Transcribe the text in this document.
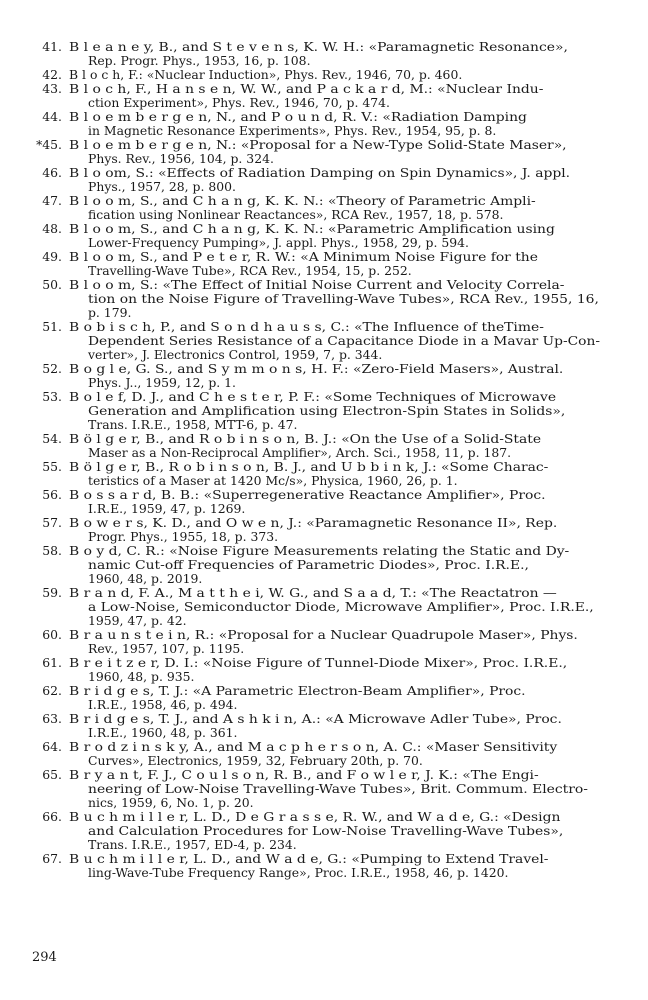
41. B l e a n e y, B., and S t e v e n s, K. W. H.: «Paramagnetic Resonance»,
Rep. Progr. Phys., 1953, 16, p. 108.
42. B l o c h, F.: «Nuclear Induction», Phys. Rev., 1946, 70, p. 460.
43. B l o c h, F., H a n s e n, W. W., and P a c k a r d, M.: «Nuclear Indu-
ction Experiment», Phys. Rev., 1946, 70, p. 474.
44. B l o e m b e r g e n, N., and P o u n d, R. V.: «Radiation Damping
in Magnetic Resonance Experiments», Phys. Rev., 1954, 95, p. 8.
*45. B l o e m b e r g e n, N.: «Proposal for a New-Type Solid-State Maser»,
Phys. Rev., 1956, 104, p. 324.
46. B l o om, S.: «Effects of Radiation Damping on Spin Dynamics», J. appl.
Phys., 1957, 28, p. 800.
47. B l o o m, S., and C h a n g, K. K. N.: «Theory of Parametric Ampli-
fication using Nonlinear Reactances», RCA Rev., 1957, 18, p. 578.
48. B l o o m, S., and C h a n g, K. K. N.: «Parametric Amplification using
Lower-Frequency Pumping», J. appl. Phys., 1958, 29, p. 594.
49. B l o o m, S., and P e t e r, R. W.: «A Minimum Noise Figure for the
Travelling-Wave Tube», RCA Rev., 1954, 15, p. 252.
50. B l o o m, S.: «The Effect of Initial Noise Current and Velocity Correla-
tion on the Noise Figure of Travelling-Wave Tubes», RCA Rev., 1955, 16,
p. 179.
51. B o b i s c h, P., and S o n d h a u s s, C.: «The Influence of theTime-
Dependent Series Resistance of a Capacitance Diode in a Mavar Up-Con-
verter», J. Electronics Control, 1959, 7, p. 344.
52. B o g l e, G. S., and S y m m o n s, H. F.: «Zero-Field Masers», Austral.
Phys. J.., 1959, 12, p. 1.
53. B o l e f, D. J., and C h e s t e r, P. F.: «Some Techniques of Microwave
Generation and Amplification using Electron-Spin States in Solids»,
Trans. I.R.E., 1958, MTT-6, p. 47.
54. B ö l g e r, B., and R o b i n s o n, B. J.: «On the Use of a Solid-State
Maser as a Non-Reciprocal Amplifier», Arch. Sci., 1958, 11, p. 187.
55. B ö l g e r, B., R o b i n s o n, B. J., and U b b i n k, J.: «Some Charac-
teristics of a Maser at 1420 Mc/s», Physica, 1960, 26, p. 1.
56. B o s s a r d, B. B.: «Superregenerative Reactance Amplifier», Proc.
I.R.E., 1959, 47, p. 1269.
57. B o w e r s, K. D., and O w e n, J.: «Paramagnetic Resonance II», Rep.
Progr. Phys., 1955, 18, p. 373.
58. B o y d, C. R.: «Noise Figure Measurements relating the Static and Dy-
namic Cut-off Frequencies of Parametric Diodes», Proc. I.R.E.,
1960, 48, p. 2019.
59. B r a n d, F. A., M a t t h e i, W. G., and S a a d, T.: «The Reactatron —
a Low-Noise, Semiconductor Diode, Microwave Amplifier», Proc. I.R.E.,
1959, 47, p. 42.
60. B r a u n s t e i n, R.: «Proposal for a Nuclear Quadrupole Maser», Phys.
Rev., 1957, 107, p. 1195.
61. B r e i t z e r, D. I.: «Noise Figure of Tunnel-Diode Mixer», Proc. I.R.E.,
1960, 48, p. 935.
62. B r i d g e s, T. J.: «A Parametric Electron-Beam Amplifier», Proc.
I.R.E., 1958, 46, p. 494.
63. B r i d g e s, T. J., and A s h k i n, A.: «A Microwave Adler Tube», Proc.
I.R.E., 1960, 48, p. 361.
64. B r o d z i n s k y, A., and M a c p h e r s o n, A. C.: «Maser Sensitivity
Curves», Electronics, 1959, 32, February 20th, p. 70.
65. B r y a n t, F. J., C o u l s o n, R. B., and F o w l e r, J. K.: «The Engi-
neering of Low-Noise Travelling-Wave Tubes», Brit. Commum. Electro-
nics, 1959, 6, No. 1, p. 20.
66. B u c h m i l l e r, L. D., D e G r a s s e, R. W., and W a d e, G.: «Design
and Calculation Procedures for Low-Noise Travelling-Wave Tubes»,
Trans. I.R.E., 1957, ED-4, p. 234.
67. B u c h m i l l e r, L. D., and W a d e, G.: «Pumping to Extend Travel-
ling-Wave-Tube Frequency Range», Proc. I.R.E., 1958, 46, p. 1420.
294
